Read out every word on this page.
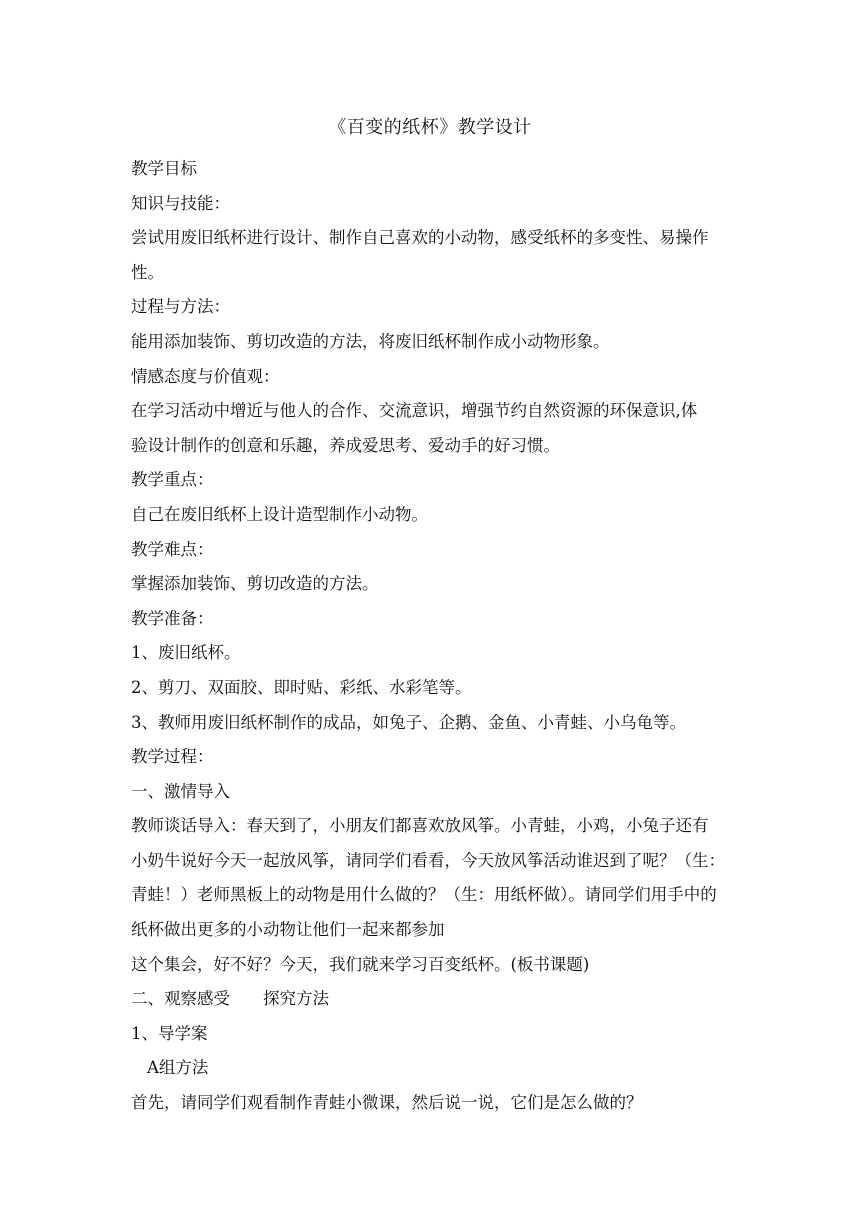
《百变的纸杯》教学设计
教学目标
知识与技能：
尝试用废旧纸杯进行设计、制作自己喜欢的小动物，感受纸杯的多变性、易操作
性。
过程与方法：
能用添加装饰、剪切改造的方法，将废旧纸杯制作成小动物形象。
情感态度与价值观：
在学习活动中增近与他人的合作、交流意识，增强节约自然资源的环保意识,体
验设计制作的创意和乐趣，养成爱思考、爱动手的好习惯。
教学重点：
自己在废旧纸杯上设计造型制作小动物。
教学难点：
掌握添加装饰、剪切改造的方法。
教学准备：
1、废旧纸杯。
2、剪刀、双面胶、即时贴、彩纸、水彩笔等。
3、教师用废旧纸杯制作的成品，如兔子、企鹅、金鱼、小青蛙、小乌龟等。
教学过程：
一、激情导入
教师谈话导入：春天到了，小朋友们都喜欢放风筝。小青蛙，小鸡，小兔子还有
小奶牛说好今天一起放风筝，请同学们看看，今天放风筝活动谁迟到了呢？（生：
青蛙！）老师黑板上的动物是用什么做的？（生：用纸杯做）。请同学们用手中的
纸杯做出更多的小动物让他们一起来都参加
这个集会，好不好？今天，我们就来学习百变纸杯。(板书课题)
二、观察感受　　探究方法
1、导学案
A组方法
首先，请同学们观看制作青蛙小微课，然后说一说，它们是怎么做的？
